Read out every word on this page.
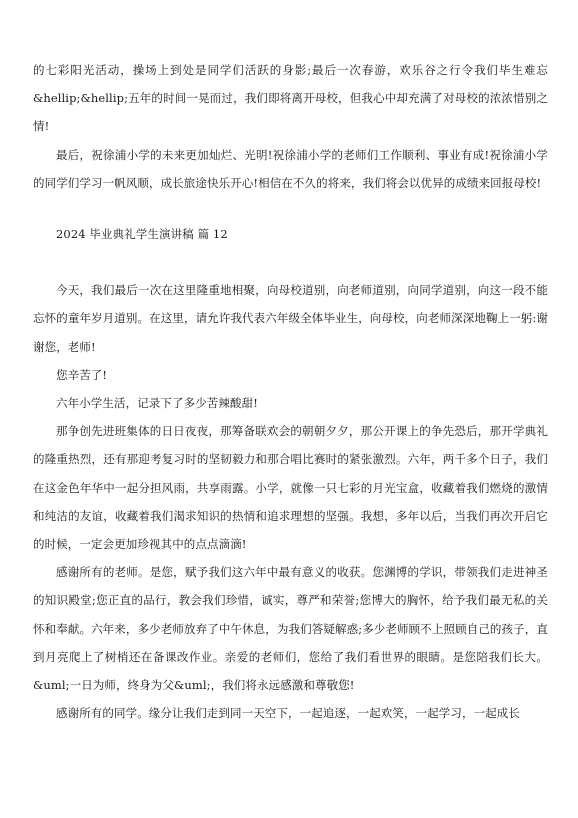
的七彩阳光活动，操场上到处是同学们活跃的身影;最后一次春游，欢乐谷之行令我们毕生难忘&hellip;&hellip;五年的时间一晃而过，我们即将离开母校，但我心中却充满了对母校的浓浓惜别之情!

最后，祝徐浦小学的未来更加灿烂、光明!祝徐浦小学的老师们工作顺利、事业有成!祝徐浦小学的同学们学习一帆风顺，成长旅途快乐开心!相信在不久的将来，我们将会以优异的成绩来回报母校!

2024 毕业典礼学生演讲稿 篇 12

今天，我们最后一次在这里隆重地相聚，向母校道别，向老师道别，向同学道别，向这一段不能忘怀的童年岁月道别。在这里，请允许我代表六年级全体毕业生，向母校，向老师深深地鞠上一躬:谢谢您，老师!

您辛苦了!

六年小学生活，记录下了多少苦辣酸甜!

那争创先进班集体的日日夜夜，那筹备联欢会的朝朝夕夕，那公开课上的争先恐后，那开学典礼的隆重热烈，还有那迎考复习时的坚韧毅力和那合唱比赛时的紧张激烈。六年，两千多个日子，我们在这金色年华中一起分担风雨，共享雨露。小学，就像一只七彩的月光宝盒，收藏着我们燃烧的激情和纯洁的友谊，收藏着我们渴求知识的热情和追求理想的坚强。我想，多年以后，当我们再次开启它的时候，一定会更加珍视其中的点点滴滴!

感谢所有的老师。是您，赋予我们这六年中最有意义的收获。您渊博的学识，带领我们走进神圣的知识殿堂;您正直的品行，教会我们珍惜，诚实，尊严和荣誉;您博大的胸怀，给予我们最无私的关怀和奉献。六年来，多少老师放弃了中午休息，为我们答疑解惑;多少老师顾不上照顾自己的孩子，直到月亮爬上了树梢还在备课改作业。亲爱的老师们，您给了我们看世界的眼睛。是您陪我们长大。&uml;一日为师，终身为父&uml;，我们将永远感激和尊敬您!

感谢所有的同学。缘分让我们走到同一天空下，一起追逐，一起欢笑，一起学习，一起成长
